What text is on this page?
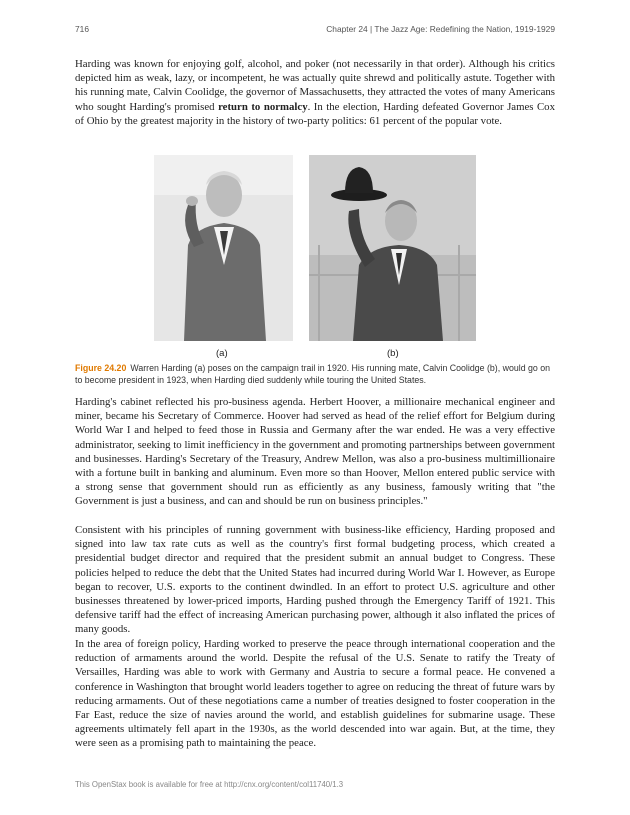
716	Chapter 24 | The Jazz Age: Redefining the Nation, 1919-1929

Harding was known for enjoying golf, alcohol, and poker (not necessarily in that order). Although his critics depicted him as weak, lazy, or incompetent, he was actually quite shrewd and politically astute. Together with his running mate, Calvin Coolidge, the governor of Massachusetts, they attracted the votes of many Americans who sought Harding's promised return to normalcy. In the election, Harding defeated Governor James Cox of Ohio by the greatest majority in the history of two-party politics: 61 percent of the popular vote.

(a)	(b)
Figure 24.20 Warren Harding (a) poses on the campaign trail in 1920. His running mate, Calvin Coolidge (b), would go on to become president in 1923, when Harding died suddenly while touring the United States.

Harding's cabinet reflected his pro-business agenda. Herbert Hoover, a millionaire mechanical engineer and miner, became his Secretary of Commerce. Hoover had served as head of the relief effort for Belgium during World War I and helped to feed those in Russia and Germany after the war ended. He was a very effective administrator, seeking to limit inefficiency in the government and promoting partnerships between government and businesses. Harding's Secretary of the Treasury, Andrew Mellon, was also a pro-business multimillionaire with a fortune built in banking and aluminum. Even more so than Hoover, Mellon entered public service with a strong sense that government should run as efficiently as any business, famously writing that "the Government is just a business, and can and should be run on business principles."

Consistent with his principles of running government with business-like efficiency, Harding proposed and signed into law tax rate cuts as well as the country's first formal budgeting process, which created a presidential budget director and required that the president submit an annual budget to Congress. These policies helped to reduce the debt that the United States had incurred during World War I. However, as Europe began to recover, U.S. exports to the continent dwindled. In an effort to protect U.S. agriculture and other businesses threatened by lower-priced imports, Harding pushed through the Emergency Tariff of 1921. This defensive tariff had the effect of increasing American purchasing power, although it also inflated the prices of many goods.

In the area of foreign policy, Harding worked to preserve the peace through international cooperation and the reduction of armaments around the world. Despite the refusal of the U.S. Senate to ratify the Treaty of Versailles, Harding was able to work with Germany and Austria to secure a formal peace. He convened a conference in Washington that brought world leaders together to agree on reducing the threat of future wars by reducing armaments. Out of these negotiations came a number of treaties designed to foster cooperation in the Far East, reduce the size of navies around the world, and establish guidelines for submarine usage. These agreements ultimately fell apart in the 1930s, as the world descended into war again. But, at the time, they were seen as a promising path to maintaining the peace.

This OpenStax book is available for free at http://cnx.org/content/col11740/1.3
